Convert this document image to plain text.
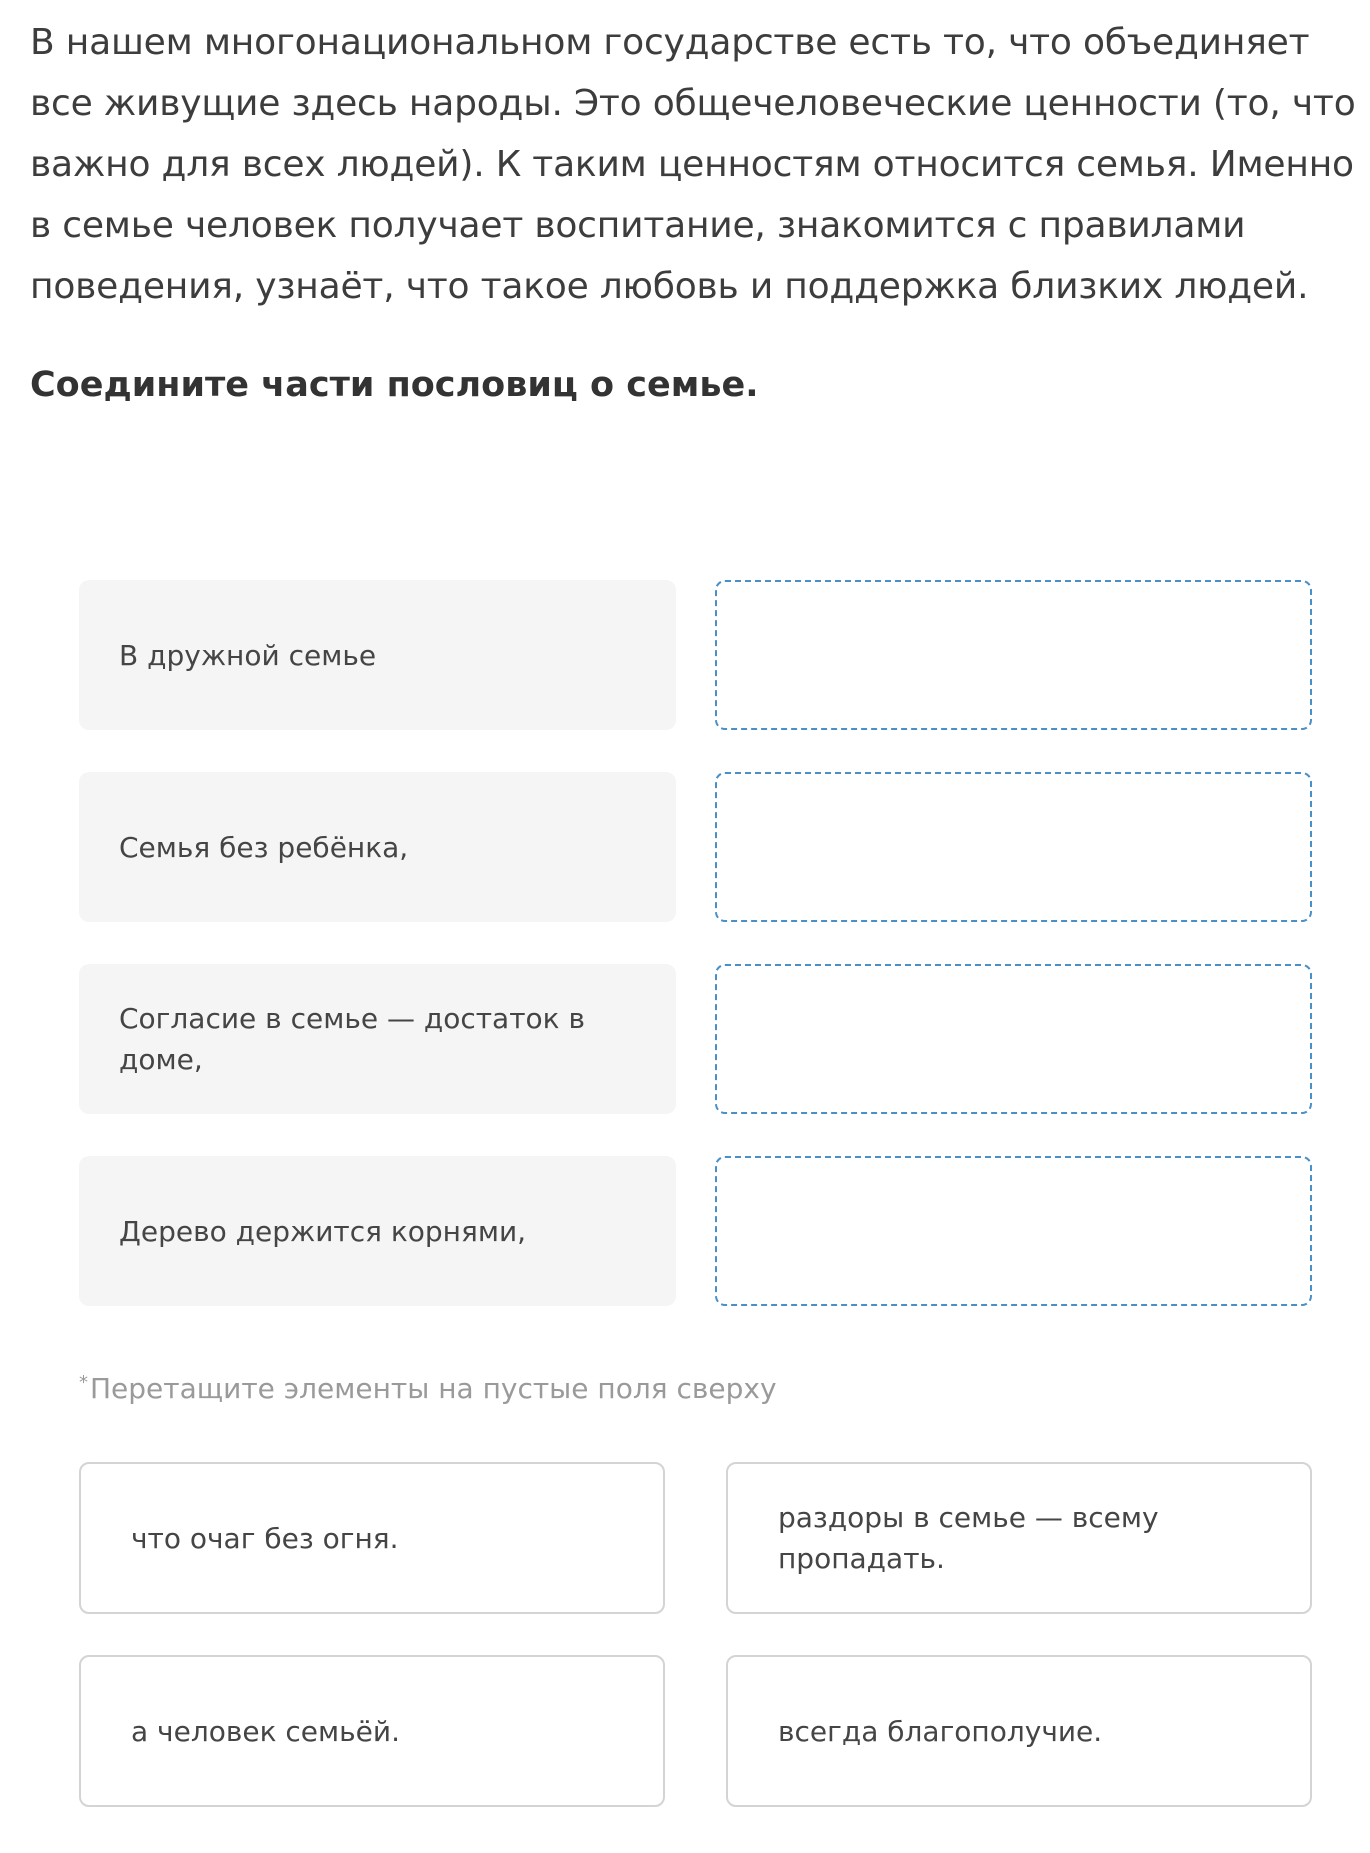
В нашем многонациональном государстве есть то, что объединяет все живущие здесь народы. Это общечеловеческие ценности (то, что важно для всех людей). К таким ценностям относится семья. Именно в семье человек получает воспитание, знакомится с правилами поведения, узнаёт, что такое любовь и поддержка близких людей.

Соедините части пословиц о семье.
В дружной семье
Семья без ребёнка,
Согласие в семье — достаток в доме,
Дерево держится корнями,
* Перетащите элементы на пустые поля сверху
что очаг без огня.
раздоры в семье — всему пропадать.
а человек семьёй.	всегда благополучие.
